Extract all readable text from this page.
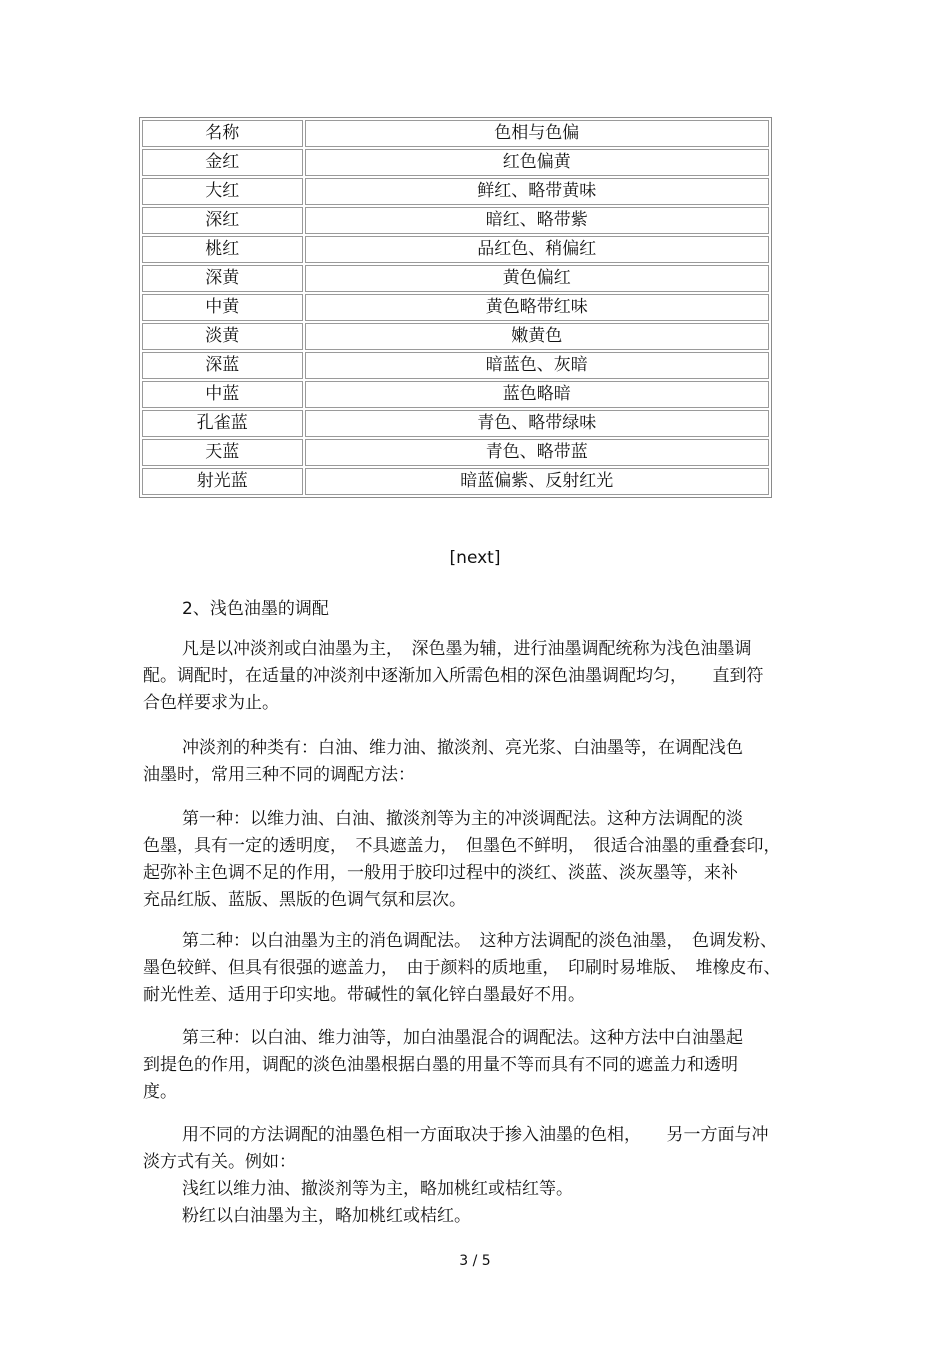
名称	色相与色偏
金红	红色偏黄
大红	鲜红、略带黄味
深红	暗红、略带紫
桃红	品红色、稍偏红
深黄	黄色偏红
中黄	黄色略带红味
淡黄	嫩黄色
深蓝	暗蓝色、灰暗
中蓝	蓝色略暗
孔雀蓝	青色、略带绿味
天蓝	青色、略带蓝
射光蓝	暗蓝偏紫、反射红光
[next]
2、浅色油墨的调配
凡是以冲淡剂或白油墨为主，　深色墨为辅，进行油墨调配统称为浅色油墨调
配。调配时，在适量的冲淡剂中逐渐加入所需色相的深色油墨调配均匀，　　直到符
合色样要求为止。
冲淡剂的种类有：白油、维力油、撤淡剂、亮光浆、白油墨等，在调配浅色
油墨时，常用三种不同的调配方法：
第一种：以维力油、白油、撤淡剂等为主的冲淡调配法。这种方法调配的淡
色墨，具有一定的透明度，　不具遮盖力，　但墨色不鲜明，　很适合油墨的重叠套印，
起弥补主色调不足的作用，一般用于胶印过程中的淡红、淡蓝、淡灰墨等，来补
充品红版、蓝版、黑版的色调气氛和层次。
第二种：以白油墨为主的消色调配法。　这种方法调配的淡色油墨，　色调发粉、
墨色较鲜、但具有很强的遮盖力，　由于颜料的质地重，　印刷时易堆版、　堆橡皮布、
耐光性差、适用于印实地。带碱性的氧化锌白墨最好不用。
第三种：以白油、维力油等，加白油墨混合的调配法。这种方法中白油墨起
到提色的作用，调配的淡色油墨根据白墨的用量不等而具有不同的遮盖力和透明
度。
用不同的方法调配的油墨色相一方面取决于掺入油墨的色相，　　另一方面与冲
淡方式有关。例如：
浅红以维力油、撤淡剂等为主，略加桃红或桔红等。
粉红以白油墨为主，略加桃红或桔红。
3 / 5
